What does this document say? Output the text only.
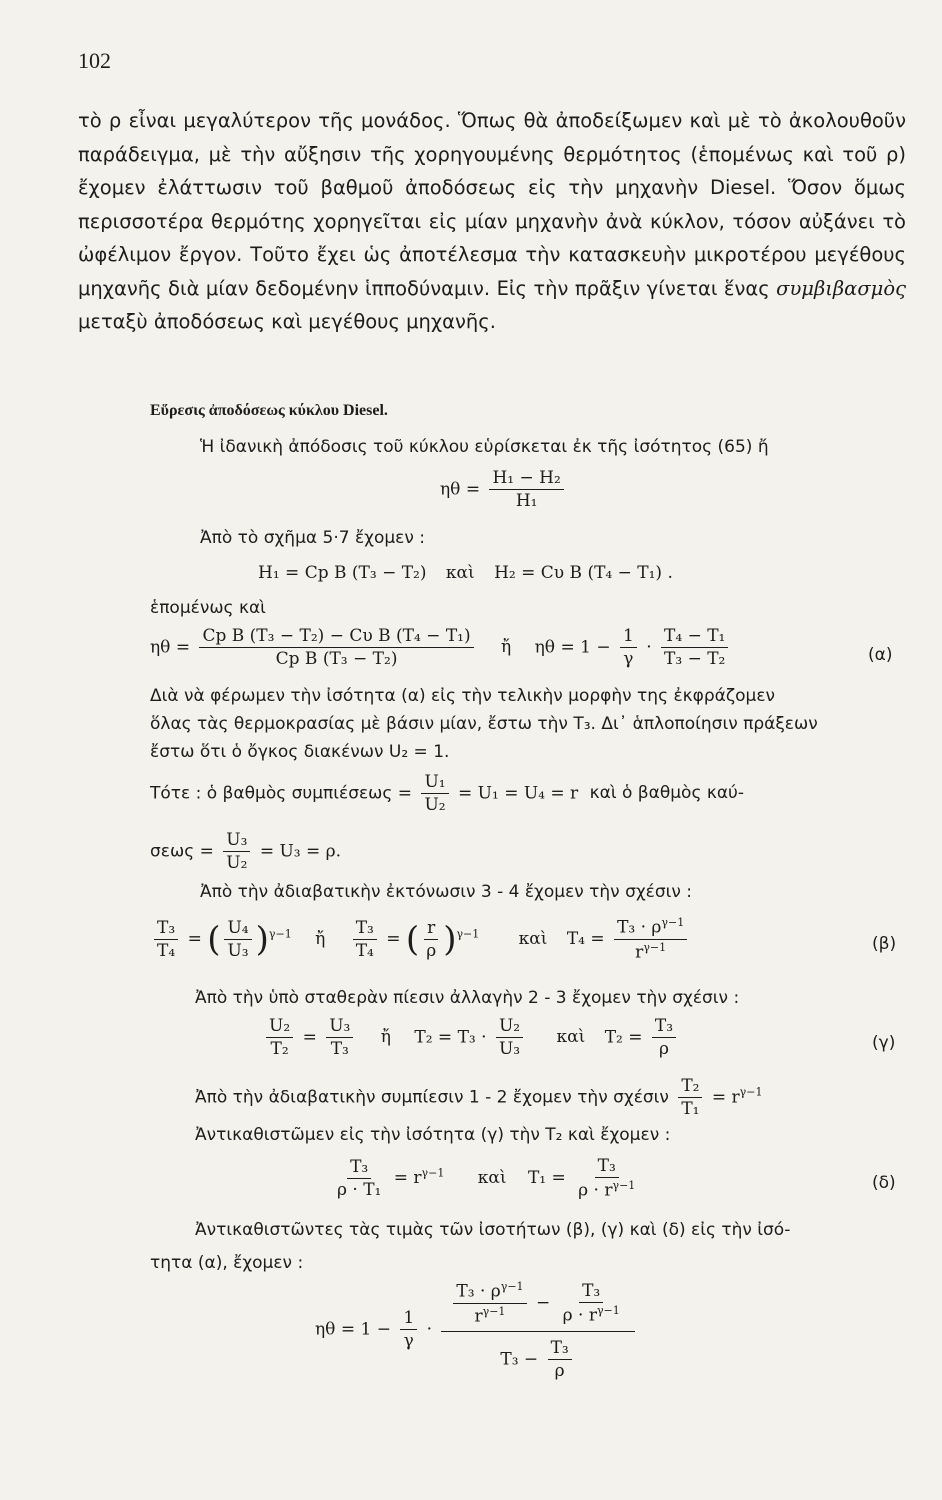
102

τὸ ρ εἶναι μεγαλύτερον τῆς μονάδος. Ὅπως θὰ ἀποδείξωμεν καὶ μὲ τὸ ἀκολουθοῦν παράδειγμα, μὲ τὴν αὔξησιν τῆς χορηγουμένης θερμότητος (ἑπομένως καὶ τοῦ ρ) ἔχομεν ἐλάττωσιν τοῦ βαθμοῦ ἀποδόσεως εἰς τὴν μηχανὴν Diesel. Ὅσον ὅμως περισσοτέρα θερμότης χορηγεῖται εἰς μίαν μηχανὴν ἀνὰ κύκλον, τόσον αὐξάνει τὸ ὠφέλιμον ἔργον. Τοῦτο ἔχει ὡς ἀποτέλεσμα τὴν κατασκευὴν μικροτέρου μεγέθους μηχανῆς διὰ μίαν δεδομένην ἱπποδύναμιν. Εἰς τὴν πρᾶξιν γίνεται ἕνας συμβιβασμὸς μεταξὺ ἀποδόσεως καὶ μεγέθους μηχανῆς.

Εὕρεσις ἀποδόσεως κύκλου Diesel.
Ἡ ἰδανικὴ ἀπόδοσις τοῦ κύκλου εὑρίσκεται ἐκ τῆς ἰσότητος (65) ἤ
$\eta\theta = \frac{\text{H₁ − H₂}}{\text{H₁}}$
Ἀπὸ τὸ σχῆμα 5·7 ἔχομεν :
H₁ = Cp B (T₃ − T₂) καὶ H₂ = Cυ B (T₄ − T₁) .
ἑπομένως καὶ
$\eta\theta = \frac{\text{Cp B (T₃ − T₂) − Cυ B (T₄ − T₁)}}{\text{Cp B (T₃ − T₂)}}$ ἤ $\eta\theta = 1 - \frac{1}{\gamma} \cdot \frac{\text{T₄ − T₁}}{\text{T₃ − T₂}}$	(α)
Διὰ νὰ φέρωμεν τὴν ἰσότητα (α) εἰς τὴν τελικὴν μορφὴν της ἐκφράζομεν
ὅλας τὰς θερμοκρασίας μὲ βάσιν μίαν, ἔστω τὴν T₃. Δι᾽ ἁπλοποίησιν πράξεων
ἔστω ὅτι ὁ ὄγκος διακένων U₂ = 1.
Τότε : ὁ βαθμὸς $\sigma\upsilon\mu\pi\iota έ\sigma\varepsilon\omega\varsigma = \frac{\text{U₁}}{\text{U₂}} = U_1 = U_4 = r$ καὶ ὁ βαθμὸς καύ-
$\sigma\varepsilon\omega\varsigma = \frac{\text{U₃}}{\text{U₂}} = U_3 = \rho$.
Ἀπὸ τὴν ἀδιαβατικὴν ἐκτόνωσιν 3 - 4 ἔχομεν τὴν σχέσιν :
$\frac{\text{T₃}}{\text{T₄}}$ = ( $\frac{\text{U₄}}{\text{U₃}} )^{\gamma-1}$ ἤ $\frac{\text{T₃}}{\text{T₄}}$ = ( $\frac{r}{\rho} )^{\gamma-1}$ καὶ $T_4 = \frac{T_3 \cdot \rho^{\gamma-1}}{r^{\gamma-1}}$	(β)
Ἀπὸ τὴν ὑπὸ σταθερὰν πίεσιν ἀλλαγὴν 2 - 3 ἔχομεν τὴν σχέσιν :
$\frac{\text{U₂}}{\text{T₂}} = \frac{\text{U₃}}{\text{T₃}}$ ἤ $T_2 = T_3 \cdot \frac{\text{U₂}}{\text{U₃}}$ καὶ $T_2 = \frac{\text{T₃}}{\rho}$	(γ)
Ἀπὸ τὴν ἀδιαβατικὴν συμπίεσιν 1 - 2 ἔχομεν τὴν σχέσιν $\frac{\text{T₂}}{\text{T₁}} = r^{\gamma-1}$
Ἀντικαθιστῶμεν εἰς τὴν ἰσότητα (γ) τὴν T₂ καὶ ἔχομεν :
$\frac{\text{T₃}}{\text{ρ · T₁}} = r^{\gamma-1}$ καὶ $T_1 = \frac{\text{T₃}}{\rho \cdot r^{\gamma-1}}$	(δ)
Ἀντικαθιστῶντες τὰς τιμὰς τῶν ἰσοτήτων (β), (γ) καὶ (δ) εἰς τὴν ἰσό-
τητα (α), ἔχομεν :
$\eta\theta = 1 - \frac{1}{\gamma} \cdot \frac{\frac{T_3 \cdot \rho^{\gamma-1}}{r^{\gamma-1}} - \frac{\text{T₃}}{\rho \cdot r^{\gamma-1}}}{T_3 - \frac{\text{T₃}}{\rho}}$
